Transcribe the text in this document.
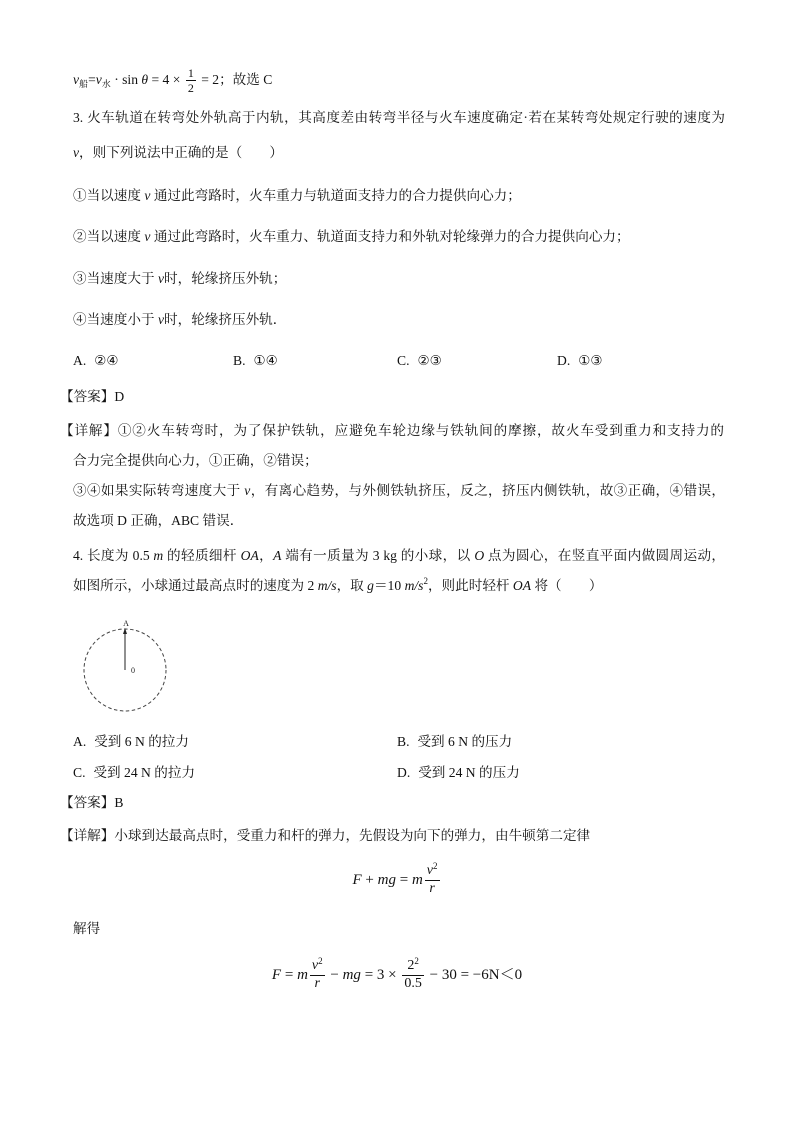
$v_船=v_水 \cdot \sin \theta = 4 \times \frac{1}{2} = 2$；故选 C
3. 火车轨道在转弯处外轨高于内轨，其高度差由转弯半径与火车速度确定·若在某转弯处规定行驶的速度为
v，则下列说法中正确的是（　　）
①当以速度 v 通过此弯路时，火车重力与轨道面支持力的合力提供向心力；
②当以速度 v 通过此弯路时，火车重力、轨道面支持力和外轨对轮缘弹力的合力提供向心力；
③当速度大于 v时，轮缘挤压外轨；
④当速度小于 v时，轮缘挤压外轨．
A. ②④	B. ①④	C. ②③	D. ①③
【答案】D
【详解】①②火车转弯时，为了保护铁轨，应避免车轮边缘与铁轨间的摩擦，故火车受到重力和支持力的
合力完全提供向心力，①正确，②错误；
③④如果实际转弯速度大于 v，有离心趋势，与外侧铁轨挤压，反之，挤压内侧铁轨，故③正确，④错误，
故选项 D 正确，ABC 错误．
4. 长度为 0.5 m 的轻质细杆 OA，A 端有一质量为 3 kg 的小球，以 O 点为圆心，在竖直平面内做圆周运动，
如图所示，小球通过最高点时的速度为 2 m/s，取 g＝10 $m/s^2$，则此时轻杆 OA 将（　　）
A
0
A. 受到 6 N 的拉力	B. 受到 6 N 的压力
C. 受到 24 N 的拉力	D. 受到 24 N 的压力
【答案】B
【详解】小球到达最高点时，受重力和杆的弹力，先假设为向下的弹力，由牛顿第二定律
F + mg = m $\frac{v^2}{r}$
解得
F = m $\frac{v^2}{r}$ − mg = $3 \times \frac{2^2}{0.5} - 30 = -6N<0$
